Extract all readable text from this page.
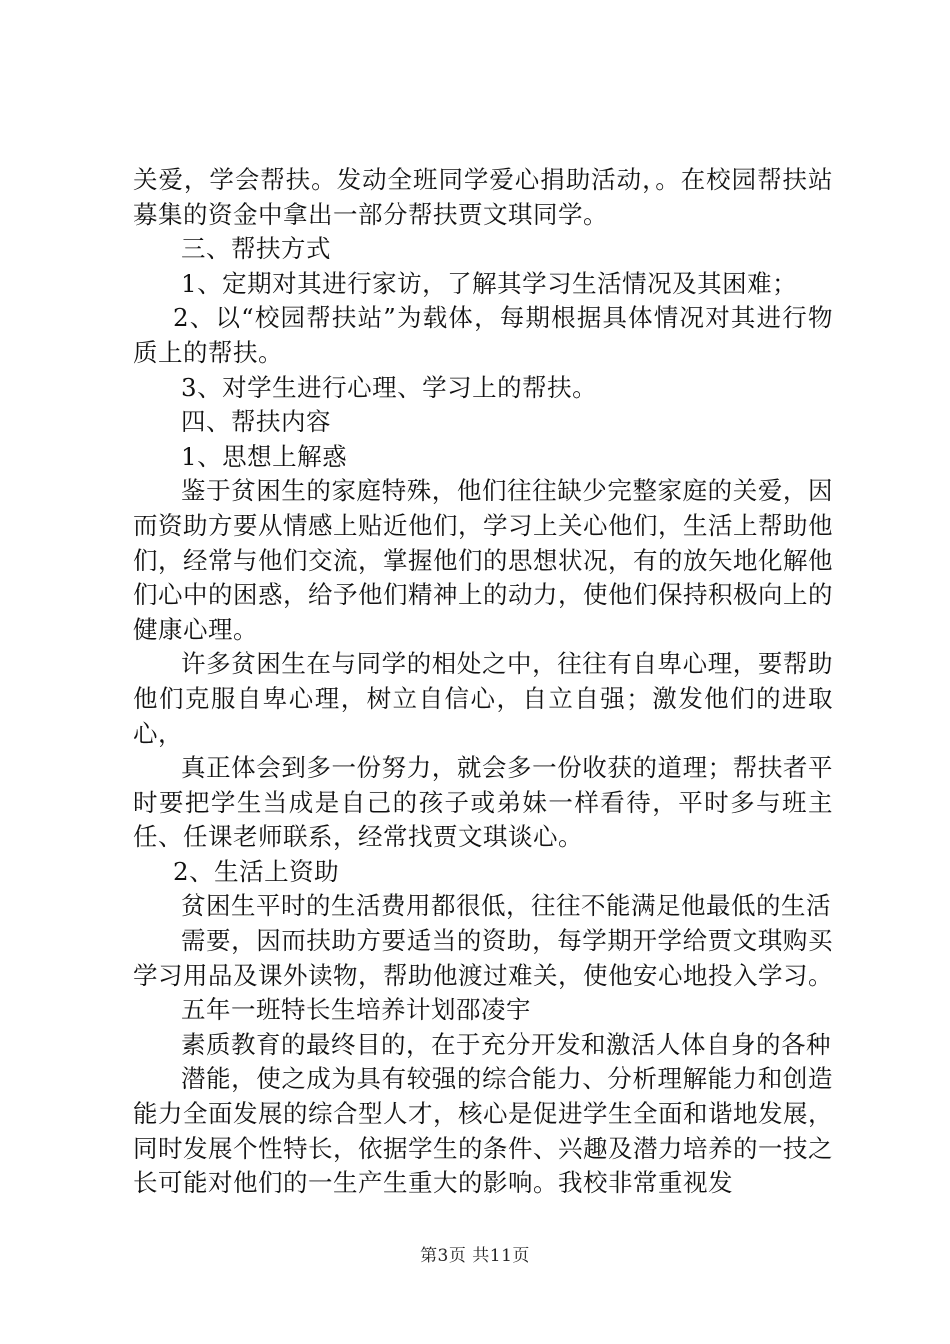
关爱，学会帮扶。发动全班同学爱心捐助活动，。在校园帮扶站募集的资金中拿出一部分帮扶贾文琪同学。

三、帮扶方式

1、定期对其进行家访，了解其学习生活情况及其困难；

2、以“校园帮扶站”为载体，每期根据具体情况对其进行物质上的帮扶。

3、对学生进行心理、学习上的帮扶。

四、帮扶内容

1、思想上解惑

鉴于贫困生的家庭特殊，他们往往缺少完整家庭的关爱，因而资助方要从情感上贴近他们，学习上关心他们，生活上帮助他们，经常与他们交流，掌握他们的思想状况，有的放矢地化解他们心中的困惑，给予他们精神上的动力，使他们保持积极向上的健康心理。

许多贫困生在与同学的相处之中，往往有自卑心理，要帮助他们克服自卑心理，树立自信心，自立自强；激发他们的进取心，

真正体会到多一份努力，就会多一份收获的道理；帮扶者平时要把学生当成是自己的孩子或弟妹一样看待，平时多与班主任、任课老师联系，经常找贾文琪谈心。

2、生活上资助

贫困生平时的生活费用都很低，往往不能满足他最低的生活

需要，因而扶助方要适当的资助，每学期开学给贾文琪购买学习用品及课外读物，帮助他渡过难关，使他安心地投入学习。

五年一班特长生培养计划邵凌宇

素质教育的最终目的，在于充分开发和激活人体自身的各种

潜能，使之成为具有较强的综合能力、分析理解能力和创造能力全面发展的综合型人才，核心是促进学生全面和谐地发展，同时发展个性特长，依据学生的条件、兴趣及潜力培养的一技之长可能对他们的一生产生重大的影响。我校非常重视发

第3页 共11页
